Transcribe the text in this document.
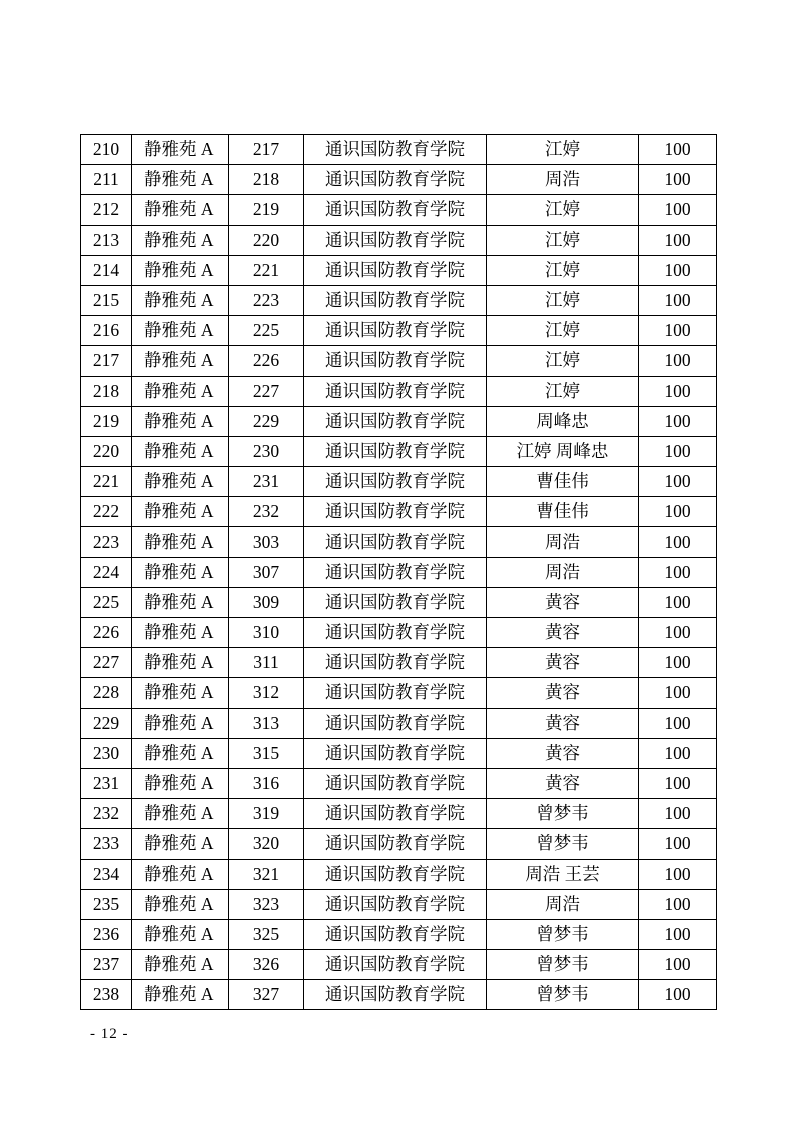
210	静雅苑 A	217	通识国防教育学院	江婷	100
211	静雅苑 A	218	通识国防教育学院	周浩	100
212	静雅苑 A	219	通识国防教育学院	江婷	100
213	静雅苑 A	220	通识国防教育学院	江婷	100
214	静雅苑 A	221	通识国防教育学院	江婷	100
215	静雅苑 A	223	通识国防教育学院	江婷	100
216	静雅苑 A	225	通识国防教育学院	江婷	100
217	静雅苑 A	226	通识国防教育学院	江婷	100
218	静雅苑 A	227	通识国防教育学院	江婷	100
219	静雅苑 A	229	通识国防教育学院	周峰忠	100
220	静雅苑 A	230	通识国防教育学院	江婷 周峰忠	100
221	静雅苑 A	231	通识国防教育学院	曹佳伟	100
222	静雅苑 A	232	通识国防教育学院	曹佳伟	100
223	静雅苑 A	303	通识国防教育学院	周浩	100
224	静雅苑 A	307	通识国防教育学院	周浩	100
225	静雅苑 A	309	通识国防教育学院	黄容	100
226	静雅苑 A	310	通识国防教育学院	黄容	100
227	静雅苑 A	311	通识国防教育学院	黄容	100
228	静雅苑 A	312	通识国防教育学院	黄容	100
229	静雅苑 A	313	通识国防教育学院	黄容	100
230	静雅苑 A	315	通识国防教育学院	黄容	100
231	静雅苑 A	316	通识国防教育学院	黄容	100
232	静雅苑 A	319	通识国防教育学院	曾梦韦	100
233	静雅苑 A	320	通识国防教育学院	曾梦韦	100
234	静雅苑 A	321	通识国防教育学院	周浩 王芸	100
235	静雅苑 A	323	通识国防教育学院	周浩	100
236	静雅苑 A	325	通识国防教育学院	曾梦韦	100
237	静雅苑 A	326	通识国防教育学院	曾梦韦	100
238	静雅苑 A	327	通识国防教育学院	曾梦韦	100
- 12 -
